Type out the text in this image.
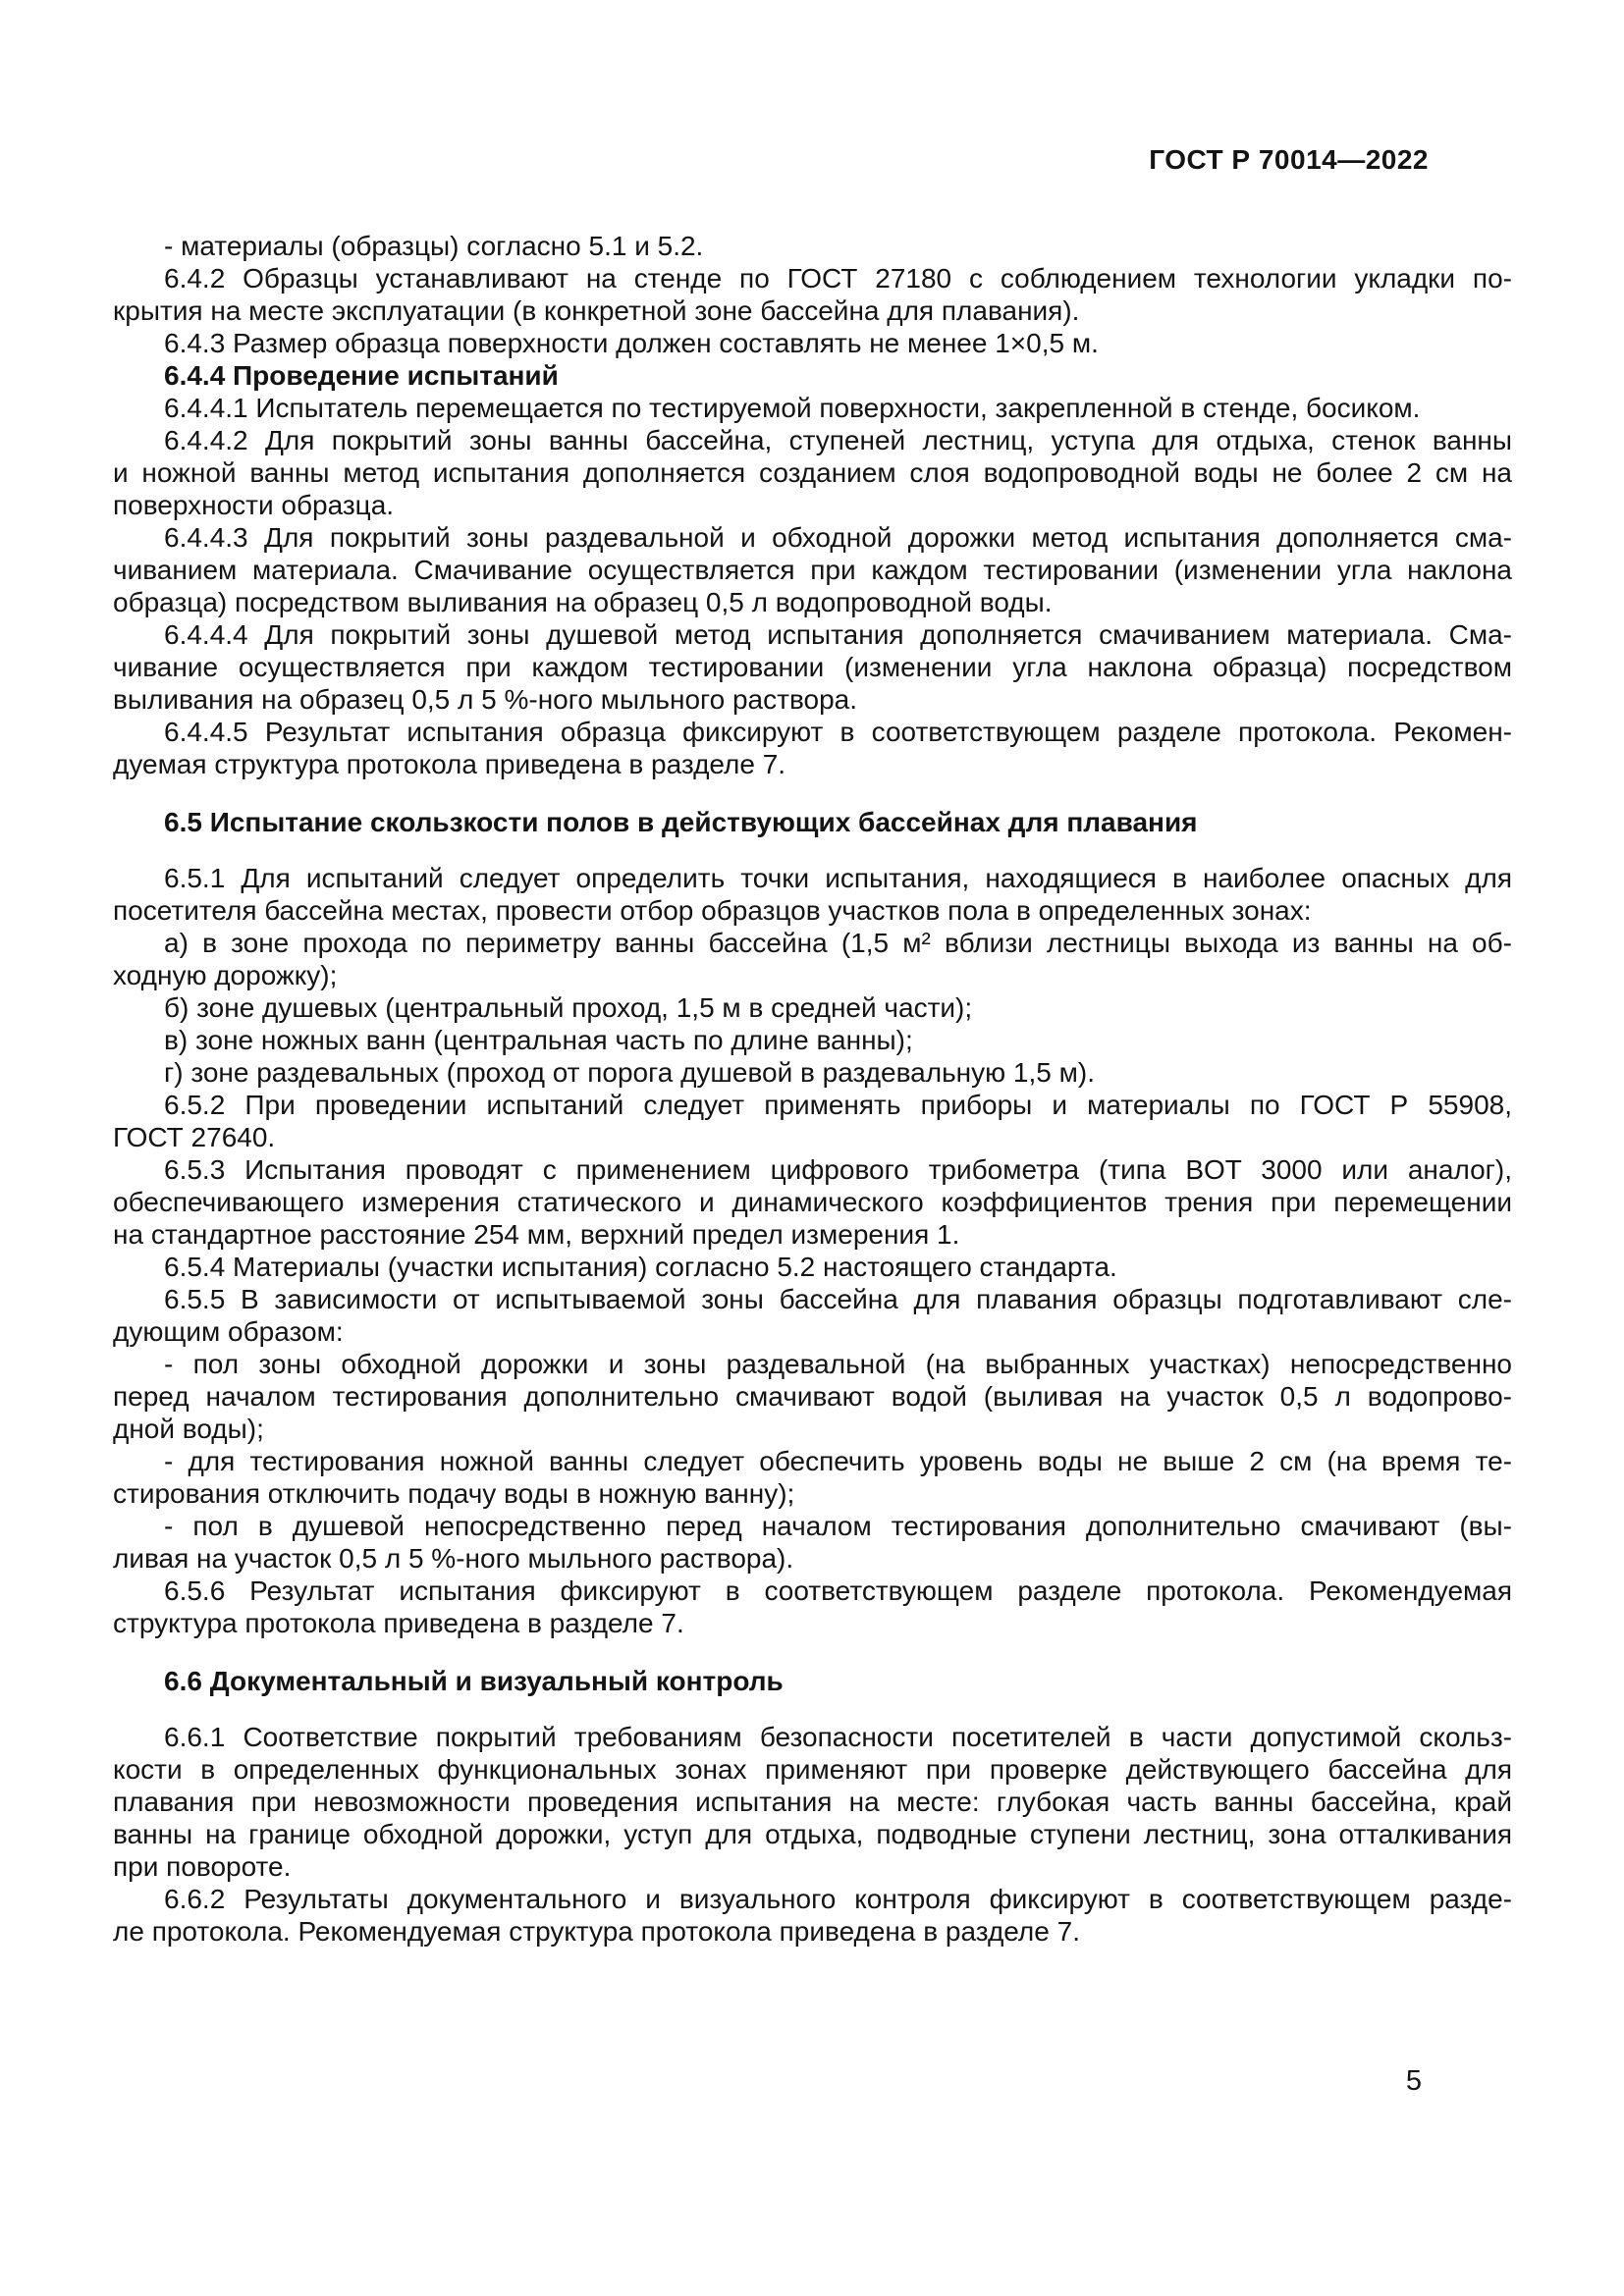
ГОСТ Р 70014—2022
- материалы (образцы) согласно 5.1 и 5.2.
6.4.2 Образцы устанавливают на стенде по ГОСТ 27180 с соблюдением технологии укладки по-
крытия на месте эксплуатации (в конкретной зоне бассейна для плавания).
6.4.3 Размер образца поверхности должен составлять не менее 1×0,5 м.
6.4.4 Проведение испытаний
6.4.4.1 Испытатель перемещается по тестируемой поверхности, закрепленной в стенде, босиком.
6.4.4.2 Для покрытий зоны ванны бассейна, ступеней лестниц, уступа для отдыха, стенок ванны
и ножной ванны метод испытания дополняется созданием слоя водопроводной воды не более 2 см на
поверхности образца.
6.4.4.3 Для покрытий зоны раздевальной и обходной дорожки метод испытания дополняется сма-
чиванием материала. Смачивание осуществляется при каждом тестировании (изменении угла наклона
образца) посредством выливания на образец 0,5 л водопроводной воды.
6.4.4.4 Для покрытий зоны душевой метод испытания дополняется смачиванием материала. Сма-
чивание осуществляется при каждом тестировании (изменении угла наклона образца) посредством
выливания на образец 0,5 л 5 %-ного мыльного раствора.
6.4.4.5 Результат испытания образца фиксируют в соответствующем разделе протокола. Рекомен-
дуемая структура протокола приведена в разделе 7.
6.5 Испытание скользкости полов в действующих бассейнах для плавания
6.5.1 Для испытаний следует определить точки испытания, находящиеся в наиболее опасных для
посетителя бассейна местах, провести отбор образцов участков пола в определенных зонах:
а) в зоне прохода по периметру ванны бассейна (1,5 м² вблизи лестницы выхода из ванны на об-
ходную дорожку);
б) зоне душевых (центральный проход, 1,5 м в средней части);
в) зоне ножных ванн (центральная часть по длине ванны);
г) зоне раздевальных (проход от порога душевой в раздевальную 1,5 м).
6.5.2 При проведении испытаний следует применять приборы и материалы по ГОСТ Р 55908,
ГОСТ 27640.
6.5.3 Испытания проводят с применением цифрового трибометра (типа BOT 3000 или аналог),
обеспечивающего измерения статического и динамического коэффициентов трения при перемещении
на стандартное расстояние 254 мм, верхний предел измерения 1.
6.5.4 Материалы (участки испытания) согласно 5.2 настоящего стандарта.
6.5.5 В зависимости от испытываемой зоны бассейна для плавания образцы подготавливают сле-
дующим образом:
- пол зоны обходной дорожки и зоны раздевальной (на выбранных участках) непосредственно
перед началом тестирования дополнительно смачивают водой (выливая на участок 0,5 л водопрово-
дной воды);
- для тестирования ножной ванны следует обеспечить уровень воды не выше 2 см (на время те-
стирования отключить подачу воды в ножную ванну);
- пол в душевой непосредственно перед началом тестирования дополнительно смачивают (вы-
ливая на участок 0,5 л 5 %-ного мыльного раствора).
6.5.6 Результат испытания фиксируют в соответствующем разделе протокола. Рекомендуемая
структура протокола приведена в разделе 7.
6.6 Документальный и визуальный контроль
6.6.1 Соответствие покрытий требованиям безопасности посетителей в части допустимой скольз-
кости в определенных функциональных зонах применяют при проверке действующего бассейна для
плавания при невозможности проведения испытания на месте: глубокая часть ванны бассейна, край
ванны на границе обходной дорожки, уступ для отдыха, подводные ступени лестниц, зона отталкивания
при повороте.
6.6.2 Результаты документального и визуального контроля фиксируют в соответствующем разде-
ле протокола. Рекомендуемая структура протокола приведена в разделе 7.
5
